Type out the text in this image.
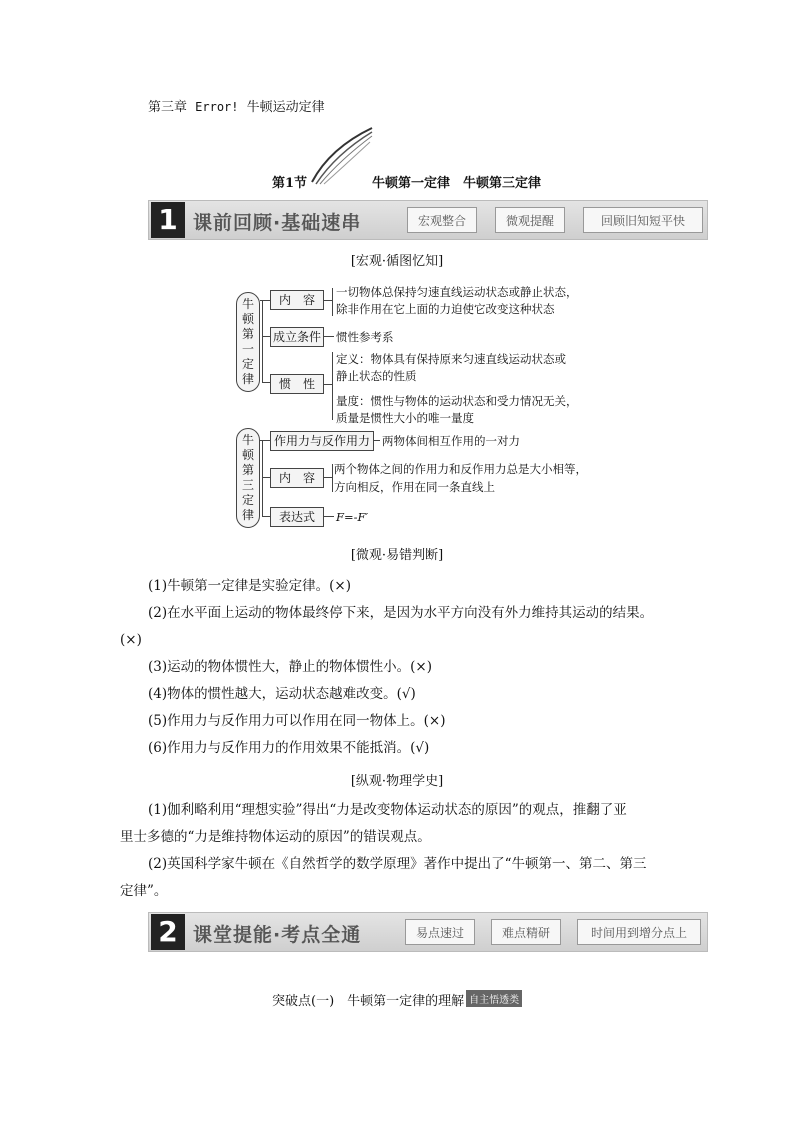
第三章 Error! 牛顿运动定律
第1节	牛顿第一定律　牛顿第三定律
1 课前回顾·基础速串	宏观整合	微观提醒	回顾旧知短平快
[宏观·循图忆知]
牛顿第一定律
内　容
一切物体总保持匀速直线运动状态或静止状态，
除非作用在它上面的力迫使它改变这种状态
成立条件 惯性参考系
惯　性
定义：物体具有保持原来匀速直线运动状态或
静止状态的性质
量度：惯性与物体的运动状态和受力情况无关，
质量是惯性大小的唯一量度
牛顿第三定律
作用力与反作用力	两物体间相互作用的一对力
内　容
两个物体之间的作用力和反作用力总是大小相等，
方向相反，作用在同一条直线上
表达式	F=-F′
[微观·易错判断]
(1)牛顿第一定律是实验定律。(×)
(2)在水平面上运动的物体最终停下来，是因为水平方向没有外力维持其运动的结果。
(×)
(3)运动的物体惯性大，静止的物体惯性小。(×)
(4)物体的惯性越大，运动状态越难改变。(√)
(5)作用力与反作用力可以作用在同一物体上。(×)
(6)作用力与反作用力的作用效果不能抵消。(√)
[纵观·物理学史]
(1)伽利略利用“理想实验”得出“力是改变物体运动状态的原因”的观点，推翻了亚
里士多德的“力是维持物体运动的原因”的错误观点。
(2)英国科学家牛顿在《自然哲学的数学原理》著作中提出了“牛顿第一、第二、第三
定律”。
2 课堂提能·考点全通	易点速过	难点精研	时间用到增分点上
突破点(一)　牛顿第一定律的理解 自主悟透类
